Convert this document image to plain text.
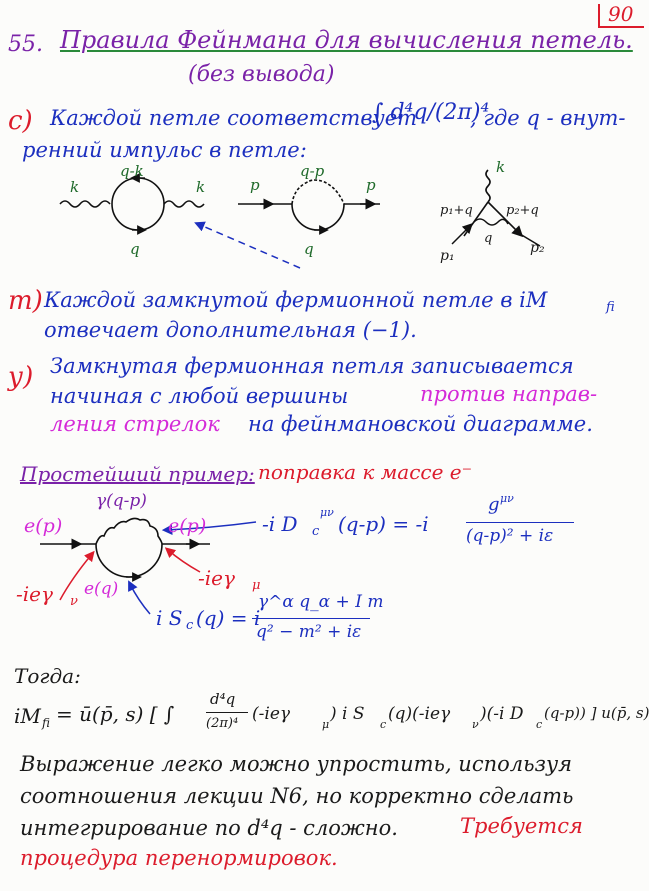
90
55. Правила Фейнмана для вычисления петель.
(без вывода)
с) Каждой петле соответствует
∫ d⁴q/(2π)⁴
, где q - внут-
ренний импульс в петле:
k	k
q-k
q
p	p
q-p
q
k
p₁+q	p₂+q
q
p₁	p₂
т) Каждой замкнутой фермионной петле в iM	fi
отвечает дополнительная (−1).
у) Замкнутая фермионная петля записывается
начиная с любой вершины	против направ-
ления стрелок на фейнмановской диаграмме.
Простейший пример: поправка к массе e⁻
e(p)	e(p)
γ(q-p)
e(q)
-ieγ ν
-ieγ μ
-i D c
μν (q-p) = -i
g μν
(q-p)² + iε
i S c (q) = i
γ^α q_α + I m
q² − m² + iε
Тогда:
iM fi = ū(p̄, s) [ ∫
d⁴q
(2π)⁴ (-ieγ
μ
) i S
c
(q)(-ieγ
ν
)(-i D
c
(q-p)) ] u(p̄, s)
Выражение легко можно упростить, используя
соотношения лекции N6, но корректно сделать
интегрирование по d⁴q - сложно.	Требуется
процедура перенормировок.
